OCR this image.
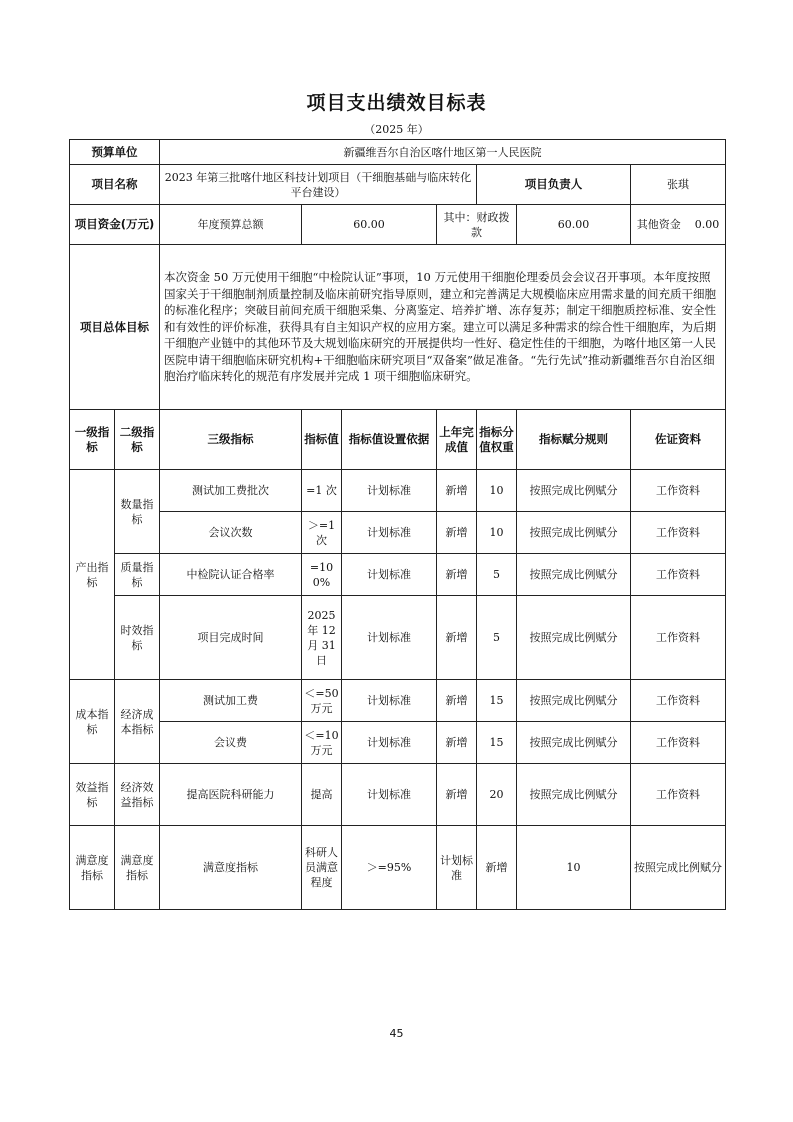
项目支出绩效目标表
（2025 年）
预算单位		新疆维吾尔自治区喀什地区第一人民医院						
项目名称		2023 年第三批喀什地区科技计划项目（干细胞基础与临床转化平台建设）				项目负责人		张琪
项目资金(万元)		年度预算总额	60.00		其中：财政拨款		60.00	其他资金 0.00
项目总体目标		本次资金 50 万元使用干细胞“中检院认证”事项，10 万元使用干细胞伦理委员会会议召开事项。本年度按照国家关于干细胞制剂质量控制及临床前研究指导原则，建立和完善满足大规模临床应用需求量的间充质干细胞的标准化程序；突破目前间充质干细胞采集、分离鉴定、培养扩增、冻存复苏；制定干细胞质控标准、安全性和有效性的评价标准，获得具有自主知识产权的应用方案。建立可以满足多种需求的综合性干细胞库，为后期干细胞产业链中的其他环节及大规划临床研究的开展提供均一性好、稳定性佳的干细胞，为喀什地区第一人民医院申请干细胞临床研究机构+干细胞临床研究项目“双备案”做足准备。“先行先试”推动新疆维吾尔自治区细胞治疗临床转化的规范有序发展并完成 1 项干细胞临床研究。						
一级指标	二级指标	三级指标	指标值	指标值设置依据	上年完成值	指标分值权重	指标赋分规则	佐证资料
产出指标	数量指标	测试加工费批次	=1 次	计划标准	新增	10	按照完成比例赋分	工作资料
		会议次数	＞=1 次	计划标准	新增	10	按照完成比例赋分	工作资料
	质量指标	中检院认证合格率	=100%	计划标准	新增	5	按照完成比例赋分	工作资料
	时效指标	项目完成时间	2025 年 12 月 31 日	计划标准	新增	5	按照完成比例赋分	工作资料
成本指标	经济成本指标	测试加工费	＜=50 万元	计划标准	新增	15	按照完成比例赋分	工作资料
		会议费	＜=10 万元	计划标准	新增	15	按照完成比例赋分	工作资料
效益指标	经济效益指标	提高医院科研能力	提高	计划标准	新增	20	按照完成比例赋分	工作资料
满意度指标	满意度指标	满意度指标	科研人员满意程度	＞=95%	计划标准	新增	10	按照完成比例赋分
45
